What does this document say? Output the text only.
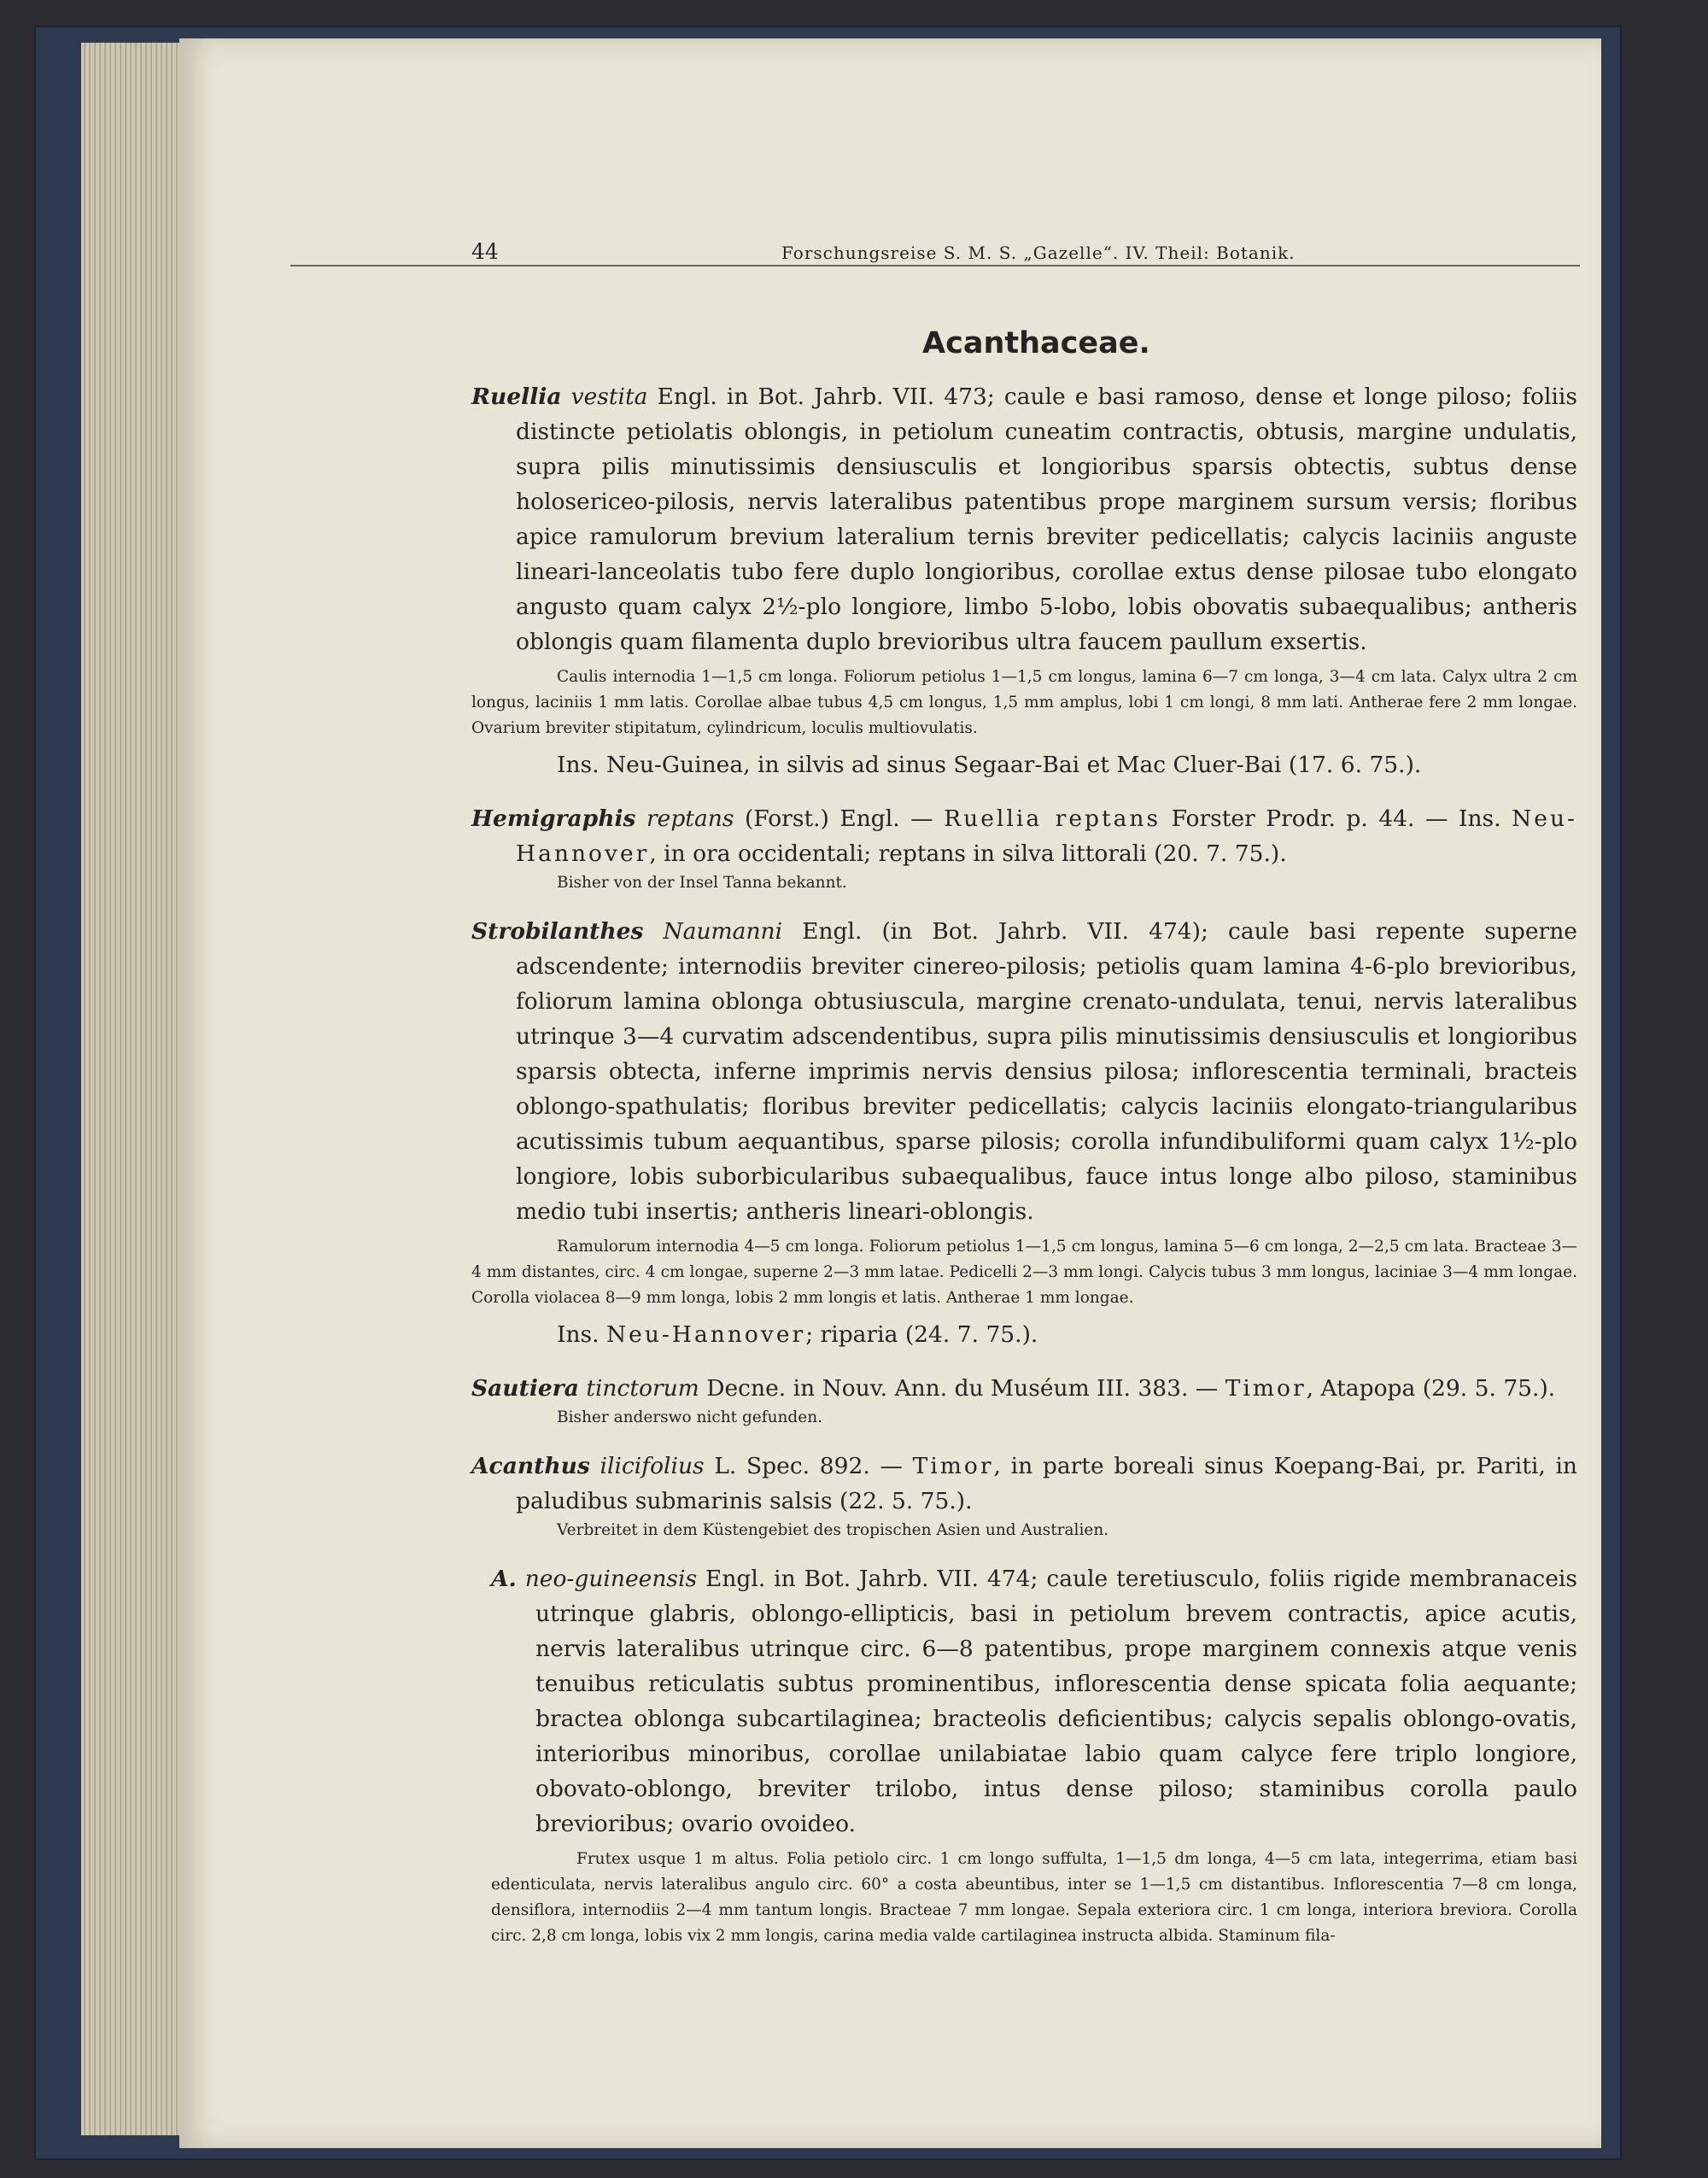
44	Forschungsreise S. M. S. „Gazelle“. IV. Theil: Botanik.
Acanthaceae.

Ruellia vestita Engl. in Bot. Jahrb. VII. 473; caule e basi ramoso, dense et longe piloso; foliis distincte petiolatis oblongis, in petiolum cuneatim contractis, obtusis, margine undulatis, supra pilis minutissimis densiusculis et longioribus sparsis obtectis, subtus dense holosericeo-pilosis, nervis lateralibus patentibus prope marginem sursum versis; floribus apice ramulorum brevium lateralium ternis breviter pedicellatis; calycis laciniis anguste lineari-lanceolatis tubo fere duplo longioribus, corollae extus dense pilosae tubo elongato angusto quam calyx 2½-plo longiore, limbo 5-lobo, lobis obovatis subaequalibus; antheris oblongis quam filamenta duplo brevioribus ultra faucem paullum exsertis.

Caulis internodia 1—1,5 cm longa. Foliorum petiolus 1—1,5 cm longus, lamina 6—7 cm longa, 3—4 cm lata. Calyx ultra 2 cm longus, laciniis 1 mm latis. Corollae albae tubus 4,5 cm longus, 1,5 mm amplus, lobi 1 cm longi, 8 mm lati. Antherae fere 2 mm longae. Ovarium breviter stipitatum, cylindricum, loculis multiovulatis.

Ins. Neu-Guinea, in silvis ad sinus Segaar-Bai et Mac Cluer-Bai (17. 6. 75.).

Hemigraphis reptans (Forst.) Engl. — Ruellia reptans Forster Prodr. p. 44. — Ins. Neu-Hannover, in ora occidentali; reptans in silva littorali (20. 7. 75.).

Bisher von der Insel Tanna bekannt.

Strobilanthes Naumanni Engl. (in Bot. Jahrb. VII. 474); caule basi repente superne adscendente; internodiis breviter cinereo-pilosis; petiolis quam lamina 4-6-plo brevioribus, foliorum lamina oblonga obtusiuscula, margine crenato-undulata, tenui, nervis lateralibus utrinque 3—4 curvatim adscendentibus, supra pilis minutissimis densiusculis et longioribus sparsis obtecta, inferne imprimis nervis densius pilosa; inflorescentia terminali, bracteis oblongo-spathulatis; floribus breviter pedicellatis; calycis laciniis elongato-triangularibus acutissimis tubum aequantibus, sparse pilosis; corolla infundibuliformi quam calyx 1½-plo longiore, lobis suborbicularibus subaequalibus, fauce intus longe albo piloso, staminibus medio tubi insertis; antheris lineari-oblongis.

Ramulorum internodia 4—5 cm longa. Foliorum petiolus 1—1,5 cm longus, lamina 5—6 cm longa, 2—2,5 cm lata. Bracteae 3—4 mm distantes, circ. 4 cm longae, superne 2—3 mm latae. Pedicelli 2—3 mm longi. Calycis tubus 3 mm longus, laciniae 3—4 mm longae. Corolla violacea 8—9 mm longa, lobis 2 mm longis et latis. Antherae 1 mm longae.

Ins. Neu-Hannover; riparia (24. 7. 75.).

Sautiera tinctorum Decne. in Nouv. Ann. du Muséum III. 383. — Timor, Atapopa (29. 5. 75.).

Bisher anderswo nicht gefunden.

Acanthus ilicifolius L. Spec. 892. — Timor, in parte boreali sinus Koepang-Bai, pr. Pariti, in paludibus submarinis salsis (22. 5. 75.).

Verbreitet in dem Küstengebiet des tropischen Asien und Australien.

A. neo-guineensis Engl. in Bot. Jahrb. VII. 474; caule teretiusculo, foliis rigide membranaceis utrinque glabris, oblongo-ellipticis, basi in petiolum brevem contractis, apice acutis, nervis lateralibus utrinque circ. 6—8 patentibus, prope marginem connexis atque venis tenuibus reticulatis subtus prominentibus, inflorescentia dense spicata folia aequante; bractea oblonga subcartilaginea; bracteolis deficientibus; calycis sepalis oblongo-ovatis, interioribus minoribus, corollae unilabiatae labio quam calyce fere triplo longiore, obovato-oblongo, breviter trilobo, intus dense piloso; staminibus corolla paulo brevioribus; ovario ovoideo.

Frutex usque 1 m altus. Folia petiolo circ. 1 cm longo suffulta, 1—1,5 dm longa, 4—5 cm lata, integerrima, etiam basi edenticulata, nervis lateralibus angulo circ. 60° a costa abeuntibus, inter se 1—1,5 cm distantibus. Inflorescentia 7—8 cm longa, densiflora, internodiis 2—4 mm tantum longis. Bracteae 7 mm longae. Sepala exteriora circ. 1 cm longa, interiora breviora. Corolla circ. 2,8 cm longa, lobis vix 2 mm longis, carina media valde cartilaginea instructa albida. Staminum fila-
